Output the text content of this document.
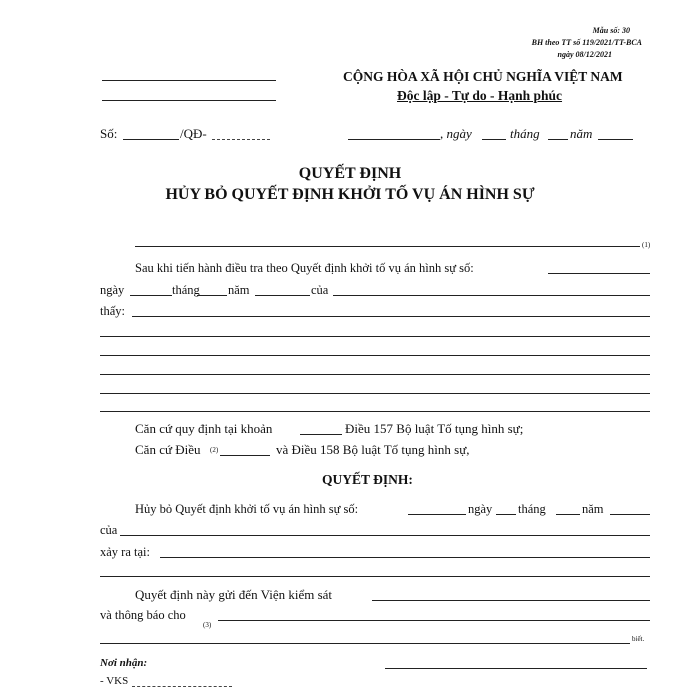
Mẫu số: 30
BH theo TT số 119/2021/TT-BCA
ngày 08/12/2021
CỘNG HÒA XÃ HỘI CHỦ NGHĨA VIỆT NAM
Độc lập - Tự do - Hạnh phúc
Số:	/QĐ-	, ngày	tháng năm
QUYẾT ĐỊNH
HỦY BỎ QUYẾT ĐỊNH KHỞI TỐ VỤ ÁN HÌNH SỰ
(1)
Sau khi tiến hành điều tra theo Quyết định khởi tố vụ án hình sự số:
ngày	tháng năm	của
thấy:
Căn cứ quy định tại khoản	Điều 157 Bộ luật Tố tụng hình sự;
Căn cứ Điều (2)	và Điều 158 Bộ luật Tố tụng hình sự,
QUYẾT ĐỊNH:
Hủy bỏ Quyết định khởi tố vụ án hình sự số:	ngày tháng	năm
của
xảy ra tại:
Quyết định này gửi đến Viện kiểm sát
và thông báo cho
(3)
biết.
Nơi nhận:
- VKS
